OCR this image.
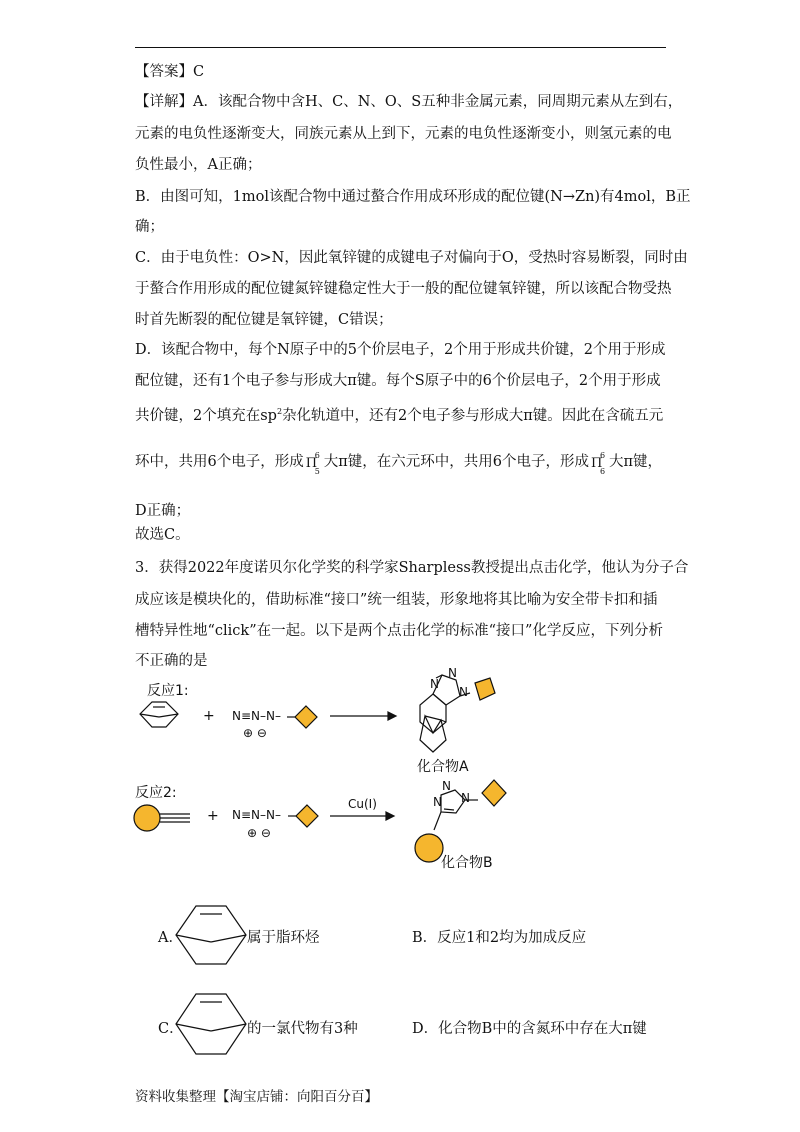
【答案】C
【详解】A．该配合物中含H、C、N、O、S五种非金属元素，同周期元素从左到右，
元素的电负性逐渐变大，同族元素从上到下，元素的电负性逐渐变小，则氢元素的电
负性最小，A正确；
B．由图可知，1mol该配合物中通过螯合作用成环形成的配位键(N→Zn)有4mol，B正
确；
C．由于电负性：O>N，因此氧锌键的成键电子对偏向于O，受热时容易断裂，同时由
于螯合作用形成的配位键氮锌键稳定性大于一般的配位键氧锌键，所以该配合物受热
时首先断裂的配位键是氧锌键，C错误；
D．该配合物中，每个N原子中的5个价层电子，2个用于形成共价键，2个用于形成
配位键，还有1个电子参与形成大π键。每个S原子中的6个价层电子，2个用于形成
共价键，2个填充在$sp^2$杂化轨道中，还有2个电子参与形成大π键。因此在含硫五元
环中，共用6个电子，形成 Π
6
5
大π键，在六元环中，共用6个电子，形成 Π
6
6
大π键，
D正确；
故选C。
3．获得2022年度诺贝尔化学奖的科学家Sharpless教授提出点击化学，他认为分子合
成应该是模块化的，借助标准“接口”统一组装，形象地将其比喻为安全带卡扣和插
槽特异性地“click”在一起。以下是两个点击化学的标准“接口”化学反应，下列分析
不正确的是
反应1:
反应2:
+ N≡N–N–
⊕ ⊖
N
N
N
化合物A
+ N≡N–N–
⊕ ⊖
Cu(I)
N
N N
化合物B
A．	属于脂环烃	B．反应1和2均为加成反应
C．	的一氯代物有3种	D．化合物B中的含氮环中存在大π键
资料收集整理【淘宝店铺：向阳百分百】
